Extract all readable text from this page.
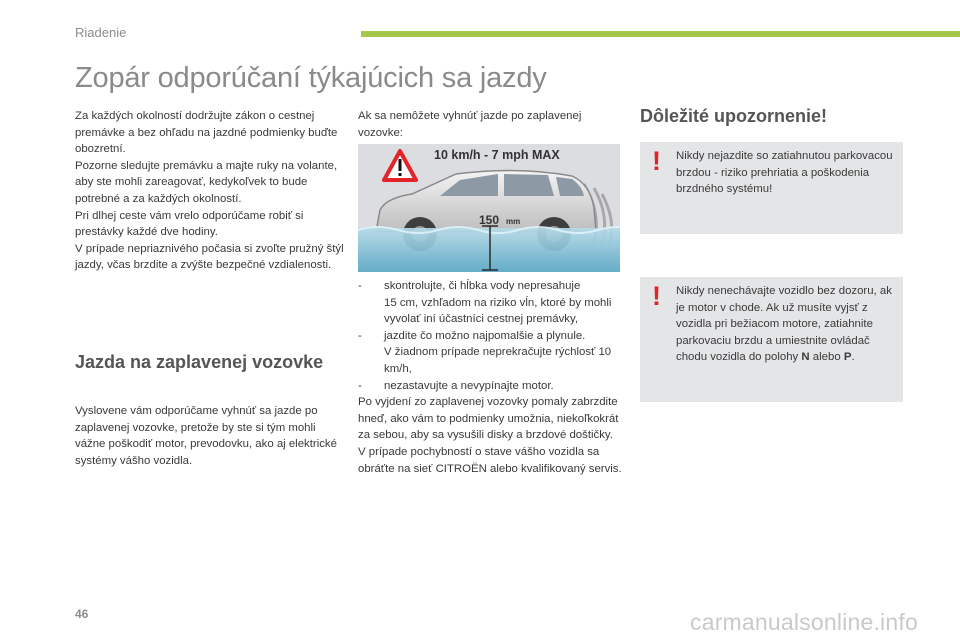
Riadenie
Zopár odporúčaní týkajúcich sa jazdy

Za každých okolností dodržujte zákon o cestnej premávke a bez ohľadu na jazdné podmienky buďte obozretní.

Pozorne sledujte premávku a majte ruky na volante, aby ste mohli zareagovať, kedykoľvek to bude potrebné a za každých okolností.

Pri dlhej ceste vám vrelo odporúčame robiť si prestávky každé dve hodiny.

V prípade nepriaznivého počasia si zvoľte pružný štýl jazdy, včas brzdite a zvýšte bezpečné vzdialenosti.

Jazda na zaplavenej vozovke

Vyslovene vám odporúčame vyhnúť sa jazde po zaplavenej vozovke, pretože by ste si tým mohli vážne poškodiť motor, prevodovku, ako aj elektrické systémy vášho vozidla.

Ak sa nemôžete vyhnúť jazde po zaplavenej vozovke:

10 km/h - 7 mph MAX
150 mm
-	skontrolujte, či hĺbka vody nepresahuje
15 cm, vzhľadom na riziko vĺn, ktoré by mohli vyvolať iní účastníci cestnej premávky,
-	jazdite čo možno najpomalšie a plynule.
V žiadnom prípade neprekračujte rýchlosť 10 km/h,
-	nezastavujte a nevypínajte motor.

Po vyjdení zo zaplavenej vozovky pomaly zabrzdite hneď, ako vám to podmienky umožnia, niekoľkokrát za sebou, aby sa vysušili disky a brzdové doštičky.

V prípade pochybností o stave vášho vozidla sa obráťte na sieť CITROËN alebo kvalifikovaný servis.

Dôležité upozornenie!
! Nikdy nejazdite so zatiahnutou parkovacou brzdou - riziko prehriatia a poškodenia brzdného systému!
! Nikdy nenechávajte vozidlo bez dozoru, ak je motor v chode. Ak už musíte vyjsť z vozidla pri bežiacom motore, zatiahnite parkovaciu brzdu a umiestnite ovládač chodu vozidla do polohy N alebo P.
46	carmanualsonline.info
